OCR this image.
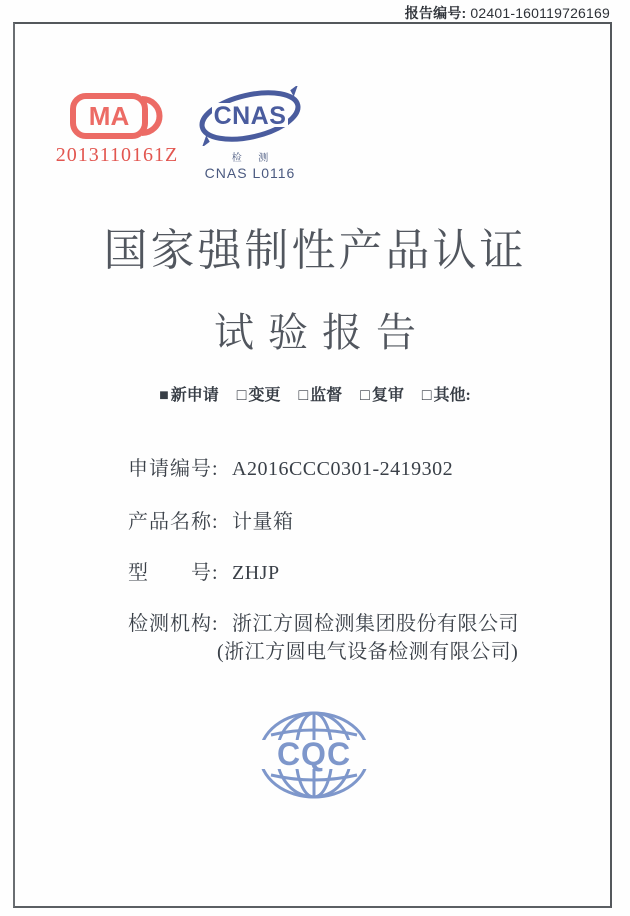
报告编号: 02401-160119726169
MA
2013110161Z
CNAS
检 测
CNAS L0116
国家强制性产品认证
试验报告
■ 新申请 □ 变更 □ 监督 □ 复审 □ 其他:
申请编号: A2016CCC0301-2419302
产品名称: 计量箱
型　　号: ZHJP
检测机构: 浙江方圆检测集团股份有限公司
(浙江方圆电气设备检测有限公司)
CQC
